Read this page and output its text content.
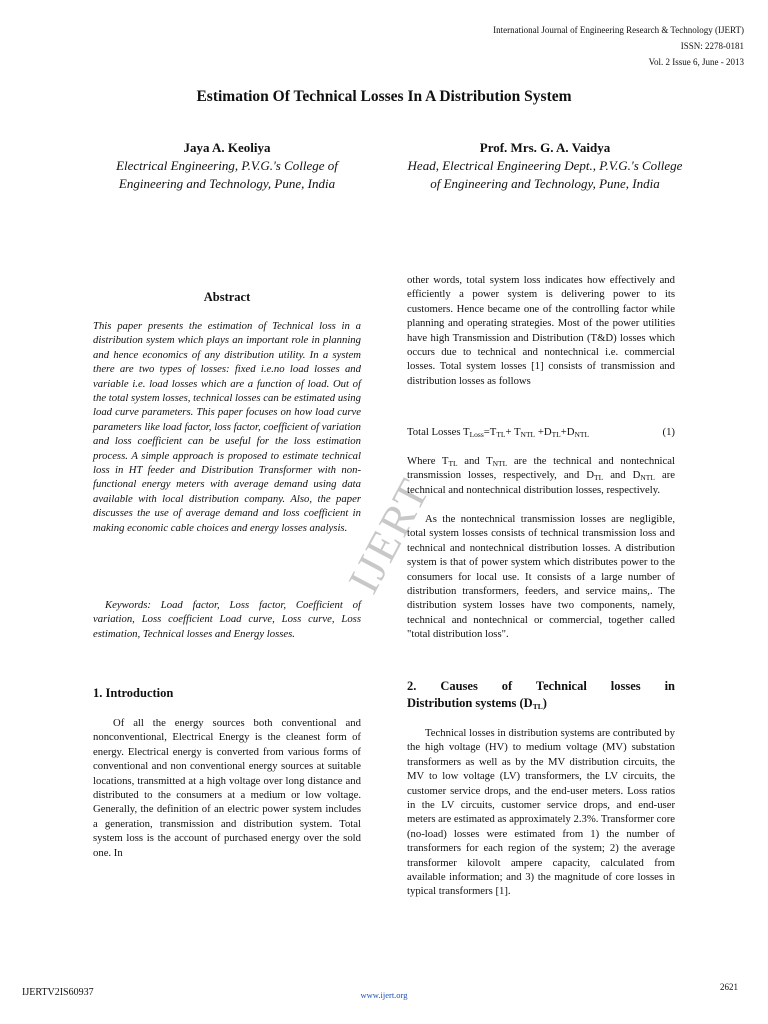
International Journal of Engineering Research & Technology (IJERT)
ISSN: 2278-0181
Vol. 2 Issue 6, June - 2013
Estimation Of Technical Losses In A Distribution System
Jaya A. Keoliya
Electrical Engineering, P.V.G.'s College of Engineering and Technology, Pune, India
Prof. Mrs. G. A. Vaidya
Head, Electrical Engineering Dept., P.V.G.'s College of Engineering and Technology, Pune, India
IJERT
Abstract
This paper presents the estimation of Technical loss in a distribution system which plays an important role in planning and hence economics of any distribution utility. In a system there are two types of losses: fixed i.e.no load losses and variable i.e. load losses which are a function of load. Out of the total system losses, technical losses can be estimated using load curve parameters. This paper focuses on how load curve parameters like load factor, loss factor, coefficient of variation and loss coefficient can be useful for the loss estimation process. A simple approach is proposed to estimate technical loss in HT feeder and Distribution Transformer with non-functional energy meters with average demand using data available with local distribution company. Also, the paper discusses the use of average demand and loss coefficient in making economic cable choices and energy losses analysis.
Keywords: Load factor, Loss factor, Coefficient of variation, Loss coefficient Load curve, Loss curve, Loss estimation, Technical losses and Energy losses.
1. Introduction
Of all the energy sources both conventional and nonconventional, Electrical Energy is the cleanest form of energy. Electrical energy is converted from various forms of conventional and non conventional energy sources at suitable locations, transmitted at a high voltage over long distance and distributed to the consumers at a medium or low voltage. Generally, the definition of an electric power system includes a generation, transmission and distribution system. Total system loss is the account of purchased energy over the sold one. In
other words, total system loss indicates how effectively and efficiently a power system is delivering power to its customers. Hence became one of the controlling factor while planning and operating strategies. Most of the power utilities have high Transmission and Distribution (T&D) losses which occurs due to technical and nontechnical i.e. commercial losses. Total system losses [1] consists of transmission and distribution losses as follows
Total Losses $T_{Loss}=T_{TL}+ T_{NTL} +D_{TL}+D_{NTL}$	(1)
Where $T_{TL}$ and $T_{NTL}$ are the technical and nontechnical transmission losses, respectively, and $D_{TL}$ and $D_{NTL}$ are technical and nontechnical distribution losses, respectively.
As the nontechnical transmission losses are negligible, total system losses consists of technical transmission loss and technical and nontechnical distribution losses. A distribution system is that of power system which distributes power to the consumers for local use. It consists of a large number of distribution transformers, feeders, and service mains,. The distribution system losses have two components, namely, technical and nontechnical or commercial, together called "total distribution loss".
2. Causes of Technical losses in
Distribution systems $(D_{TL})$
Technical losses in distribution systems are contributed by the high voltage (HV) to medium voltage (MV) substation transformers as well as by the MV distribution circuits, the MV to low voltage (LV) transformers, the LV circuits, the customer service drops, and the end-user meters. Loss ratios in the LV circuits, customer service drops, and end-user meters are estimated as approximately 2.3%. Transformer core (no-load) losses were estimated from 1) the number of transformers for each region of the system; 2) the average transformer kilovolt ampere capacity, calculated from available information; and 3) the magnitude of core losses in typical transformers [1].
IJERTV2IS60937	www.ijert.org
2621
